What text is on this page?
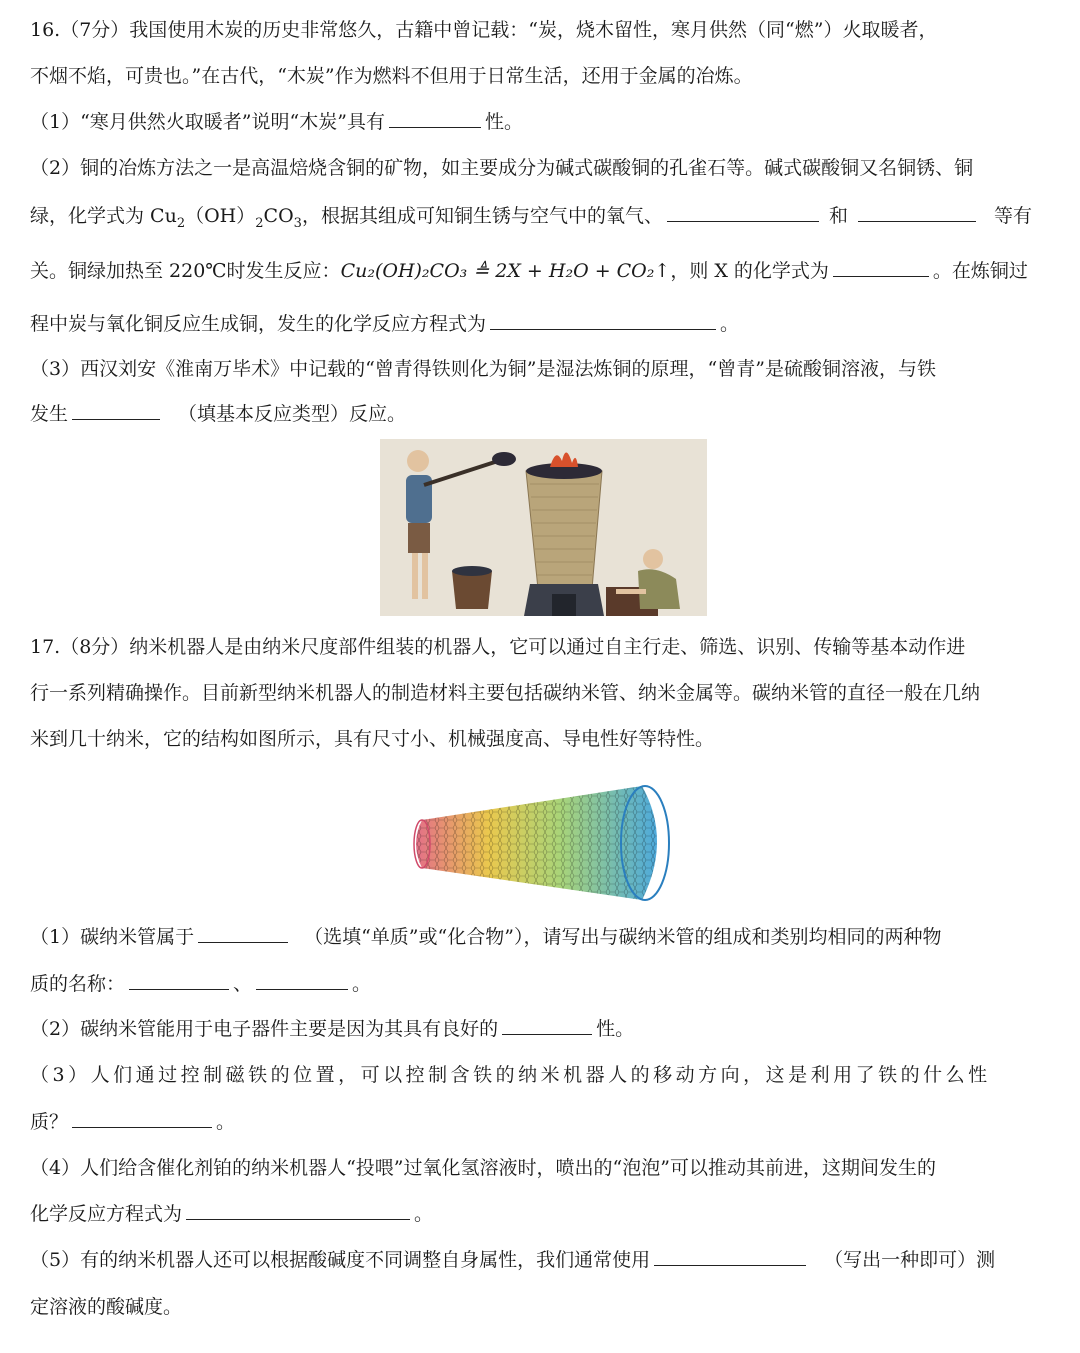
16.（7分）我国使用木炭的历史非常悠久，古籍中曾记载：“炭，烧木留性，寒月供然（同“燃”）火取暖者，
不烟不焰，可贵也。”在古代，“木炭”作为燃料不但用于日常生活，还用于金属的冶炼。
（1）“寒月供然火取暖者”说明“木炭”具有	性。
（2）铜的冶炼方法之一是高温焙烧含铜的矿物，如主要成分为碱式碳酸铜的孔雀石等。碱式碳酸铜又名铜锈、铜
绿，化学式为 $Cu_2(OH)_2CO_3$，根据其组成可知铜生锈与空气中的氧气、	和	等有
关。铜绿加热至 220℃时发生反应：Cu₂(OH)₂CO₃ ≜ 2X + H₂O + CO₂↑，则 X 的化学式为	。在炼铜过
程中炭与氧化铜反应生成铜，发生的化学反应方程式为	。
（3）西汉刘安《淮南万毕术》中记载的“曾青得铁则化为铜”是湿法炼铜的原理，“曾青”是硫酸铜溶液，与铁
发生	（填基本反应类型）反应。
17.（8分）纳米机器人是由纳米尺度部件组装的机器人，它可以通过自主行走、筛选、识别、传输等基本动作进
行一系列精确操作。目前新型纳米机器人的制造材料主要包括碳纳米管、纳米金属等。碳纳米管的直径一般在几纳
米到几十纳米，它的结构如图所示，具有尺寸小、机械强度高、导电性好等特性。
（1）碳纳米管属于	（选填“单质”或“化合物”），请写出与碳纳米管的组成和类别均相同的两种物
质的名称：	、	。
（2）碳纳米管能用于电子器件主要是因为其具有良好的	性。
（3）人们通过控制磁铁的位置，可以控制含铁的纳米机器人的移动方向，这是利用了铁的什么性
质？	。
（4）人们给含催化剂铂的纳米机器人“投喂”过氧化氢溶液时，喷出的“泡泡”可以推动其前进，这期间发生的
化学反应方程式为	。
（5）有的纳米机器人还可以根据酸碱度不同调整自身属性，我们通常使用	（写出一种即可）测
定溶液的酸碱度。
